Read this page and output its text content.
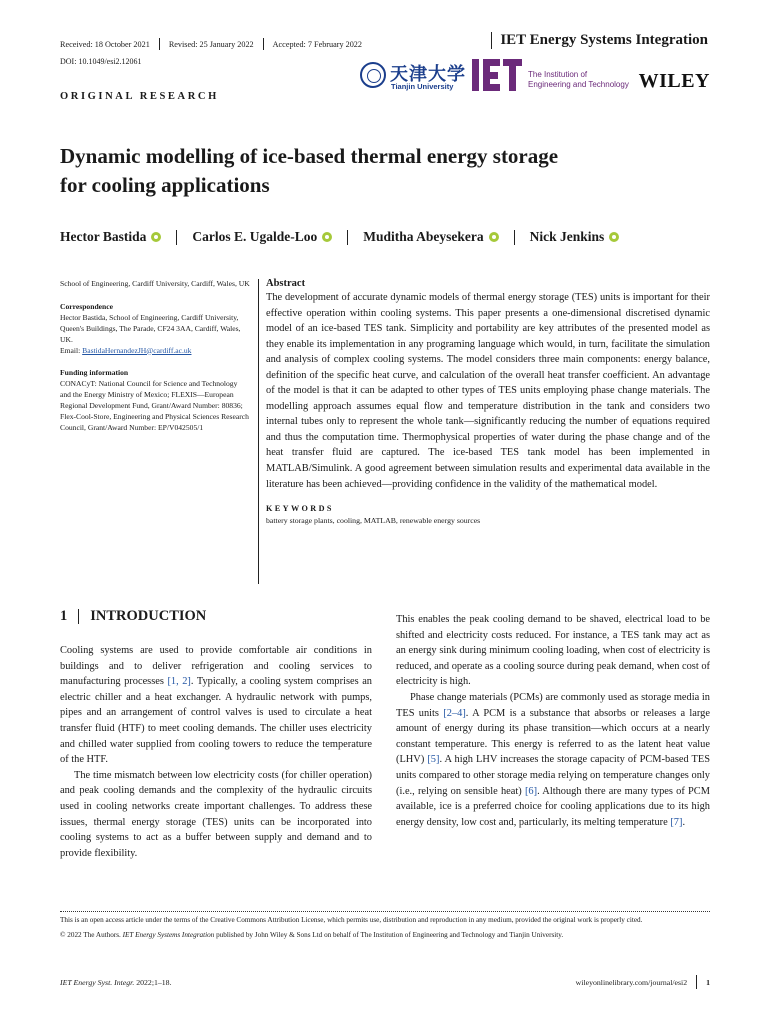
Received: 18 October 2021 Revised: 25 January 2022 Accepted: 7 February 2022	IET Energy Systems Integration
DOI: 10.1049/esi2.12061
天津大学
Tianjin University
The Institution of
Engineering and Technology WILEY
ORIGINAL RESEARCH
Dynamic modelling of ice-based thermal energy storage
for cooling applications
Hector Bastida	Carlos E. Ugalde-Loo	Muditha Abeysekera	Nick Jenkins

School of Engineering, Cardiff University, Cardiff, Wales, UK

Correspondence

Hector Bastida, School of Engineering, Cardiff University, Queen's Buildings, The Parade, CF24 3AA, Cardiff, Wales, UK.

Email: BastidaHernandezJH@cardiff.ac.uk

Funding information

CONACyT: National Council for Science and Technology and the Energy Ministry of Mexico; FLEXIS—European Regional Development Fund, Grant/Award Number: 80836; Flex-Cool-Store, Engineering and Physical Sciences Research Council, Grant/Award Number: EP/V042505/1

Abstract
The development of accurate dynamic models of thermal energy storage (TES) units is important for their effective operation within cooling systems. This paper presents a one-dimensional discretised dynamic model of an ice-based TES tank. Simplicity and portability are key attributes of the presented model as they enable its implementation in any programing language which would, in turn, facilitate the simulation and analysis of complex cooling systems. The model considers three main components: energy balance, definition of the specific heat curve, and calculation of the overall heat transfer coefficient. An advantage of the model is that it can be adapted to other types of TES units employing phase change materials. The modelling approach assumes equal flow and temperature distribution in the tank and considers two internal tubes only to represent the whole tank—significantly reducing the number of equations required and thus the computation time. Thermophysical properties of water during the phase change and of the heat transfer fluid are captured. The ice-based TES tank model has been implemented in MATLAB/Simulink. A good agreement between simulation results and experimental data available in the literature has been achieved—providing confidence in the validity of the mathematical model.
KEYWORDS
battery storage plants, cooling, MATLAB, renewable energy sources
1 INTRODUCTION

Cooling systems are used to provide comfortable air conditions in buildings and to deliver refrigeration and cooling services to manufacturing processes [1, 2]. Typically, a cooling system comprises an electric chiller and a heat exchanger. A hydraulic network with pumps, pipes and an arrangement of control valves is used to circulate a heat transfer fluid (HTF) to meet cooling demands. The chiller uses electricity and chilled water supplied from cooling towers to reduce the temperature of the HTF.

The time mismatch between low electricity costs (for chiller operation) and peak cooling demands and the complexity of the hydraulic circuits used in cooling networks create important challenges. To address these issues, thermal energy storage (TES) units can be incorporated into cooling systems to act as a buffer between supply and demand and to provide flexibility.

This enables the peak cooling demand to be shaved, electrical load to be shifted and electricity costs reduced. For instance, a TES tank may act as an energy sink during minimum cooling loading, when cost of electricity is reduced, and operate as a cooling source during peak demand, when cost of electricity is high.

Phase change materials (PCMs) are commonly used as storage media in TES units [2–4]. A PCM is a substance that absorbs or releases a large amount of energy during its phase transition—which occurs at a nearly constant temperature. This energy is referred to as the latent heat value (LHV) [5]. A high LHV increases the storage capacity of PCM-based TES units compared to other storage media relying on temperature changes only (i.e., relying on sensible heat) [6]. Although there are many types of PCM available, ice is a preferred choice for cooling applications due to its high energy density, low cost and, particularly, its melting temperature [7].

This is an open access article under the terms of the Creative Commons Attribution License, which permits use, distribution and reproduction in any medium, provided the original work is properly cited.
© 2022 The Authors. IET Energy Systems Integration published by John Wiley & Sons Ltd on behalf of The Institution of Engineering and Technology and Tianjin University.
IET Energy Syst. Integr. 2022;1–18.	wileyonlinelibrary.com/journal/esi2 1
